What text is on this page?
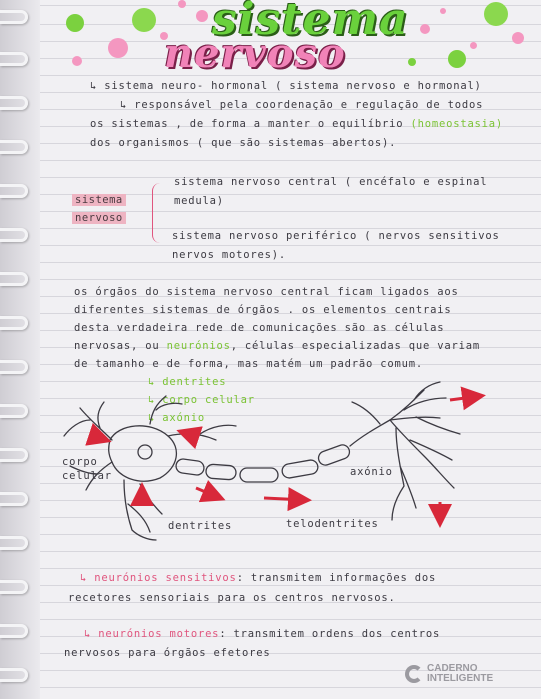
sistema
nervoso
↳ sistema neuro- hormonal ( sistema nervoso e hormonal)
↳ responsável pela coordenação e regulação de todos
os sistemas , de forma a manter o equilíbrio (homeostasia)
dos organismos ( que são sistemas abertos).
sistema
nervoso
sistema nervoso central ( encéfalo e espinal
medula)
sistema nervoso periférico ( nervos sensitivos
nervos motores).
os órgãos do sistema nervoso central ficam ligados aos
diferentes sistemas de órgãos . os elementos centrais
desta verdadeira rede de comunicações são as células
nervosas, ou neurónios, células especializadas que variam
de tamanho e de forma, mas matém um padrão comum.
↳ dentrites
↳ corpo celular
↳ axónio
corpo
celular	axónio
dentrites	telodentrites
↳ neurónios sensitivos: transmitem informações dos
recetores sensoriais para os centros nervosos.
↳ neurónios motores: transmitem ordens dos centros
nervosos para órgãos efetores
CADERNO
INTELIGENTE
